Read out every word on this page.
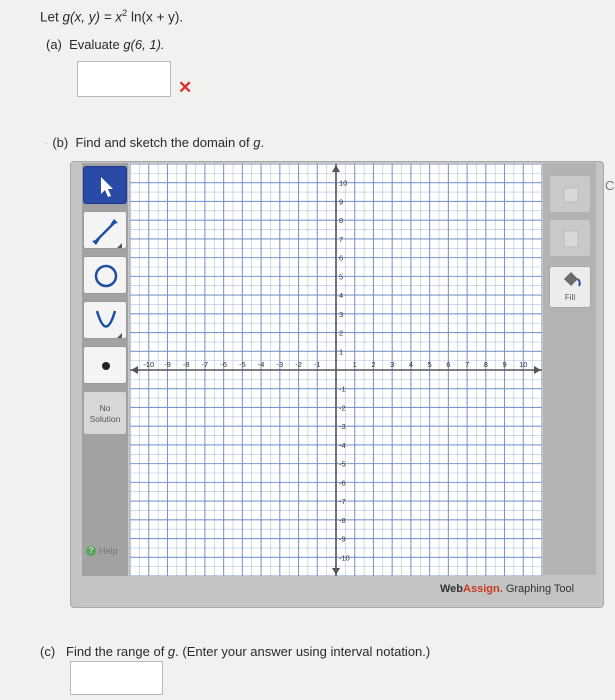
Let g(x, $y) = x^2$ ln(x + y).
(a) Evaluate g(6, 1).
✕
· (b) Find and sketch the domain of g.
No
Solution
? Help
-10 -9 -8 -7 -6 -5 -4 -3 -2 -1	1 2 3 4 5 6 7 8 9 10
10
9
8
7
6
5
4
3
2
1
-1
-2
-3
-4
-5
-6
-7
-8
-9
-10
Fill
WebAssign. Graphing Tool
C
(c) Find the range of g. (Enter your answer using interval notation.)
